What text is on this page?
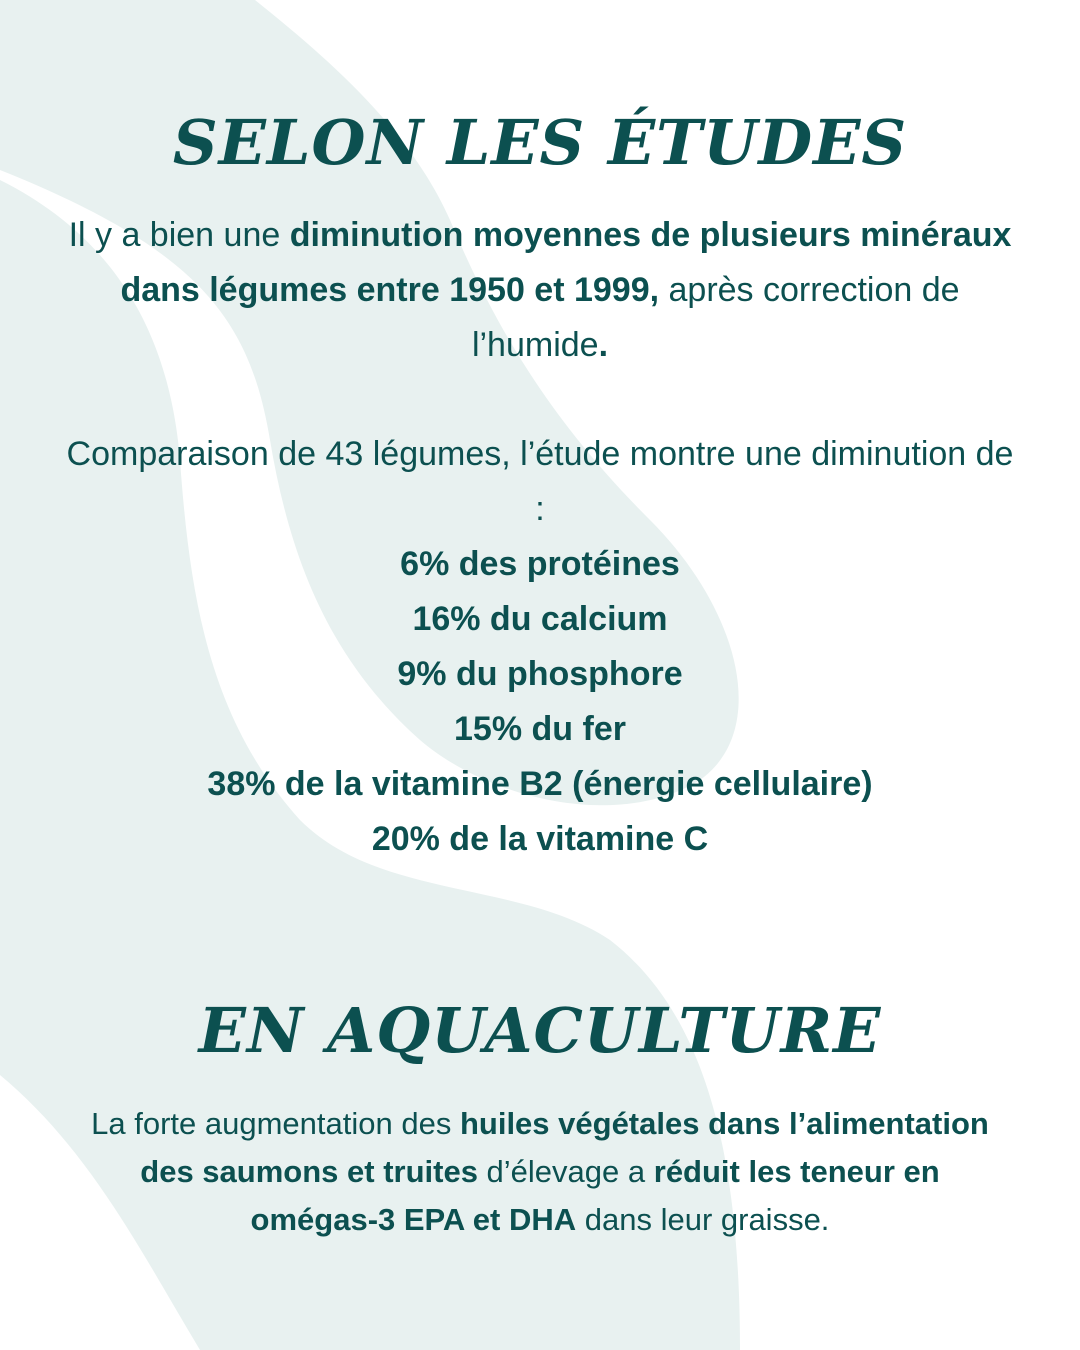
SELON LES ÉTUDES

Il y a bien une diminution moyennes de plusieurs minéraux dans légumes entre 1950 et 1999, après correction de l’humide.

Comparaison de 43 légumes, l’étude montre une diminution de :

6% des protéines
16% du calcium
9% du phosphore
15% du fer
38% de la vitamine B2 (énergie cellulaire)
20% de la vitamine C
EN AQUACULTURE

La forte augmentation des huiles végétales dans l’alimentation des saumons et truites d’élevage a réduit les teneur en omégas-3 EPA et DHA dans leur graisse.
